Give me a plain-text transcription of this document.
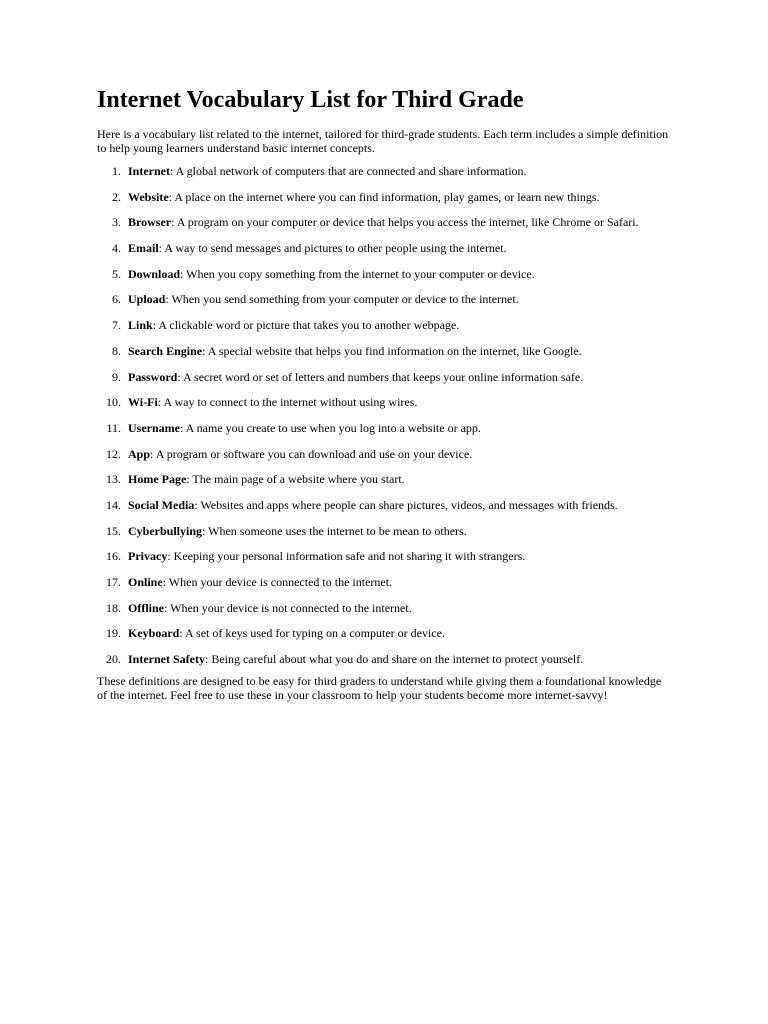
Internet Vocabulary List for Third Grade

Here is a vocabulary list related to the internet, tailored for third-grade students. Each term includes a simple definition to help young learners understand basic internet concepts.

1. Internet: A global network of computers that are connected and share information.
2. Website: A place on the internet where you can find information, play games, or learn new things.
3. Browser: A program on your computer or device that helps you access the internet, like Chrome or Safari.
4. Email: A way to send messages and pictures to other people using the internet.
5. Download: When you copy something from the internet to your computer or device.
6. Upload: When you send something from your computer or device to the internet.
7. Link: A clickable word or picture that takes you to another webpage.
8. Search Engine: A special website that helps you find information on the internet, like Google.
9. Password: A secret word or set of letters and numbers that keeps your online information safe.
10. Wi-Fi: A way to connect to the internet without using wires.
11. Username: A name you create to use when you log into a website or app.
12. App: A program or software you can download and use on your device.
13. Home Page: The main page of a website where you start.
14. Social Media: Websites and apps where people can share pictures, videos, and messages with friends.
15. Cyberbullying: When someone uses the internet to be mean to others.
16. Privacy: Keeping your personal information safe and not sharing it with strangers.
17. Online: When your device is connected to the internet.
18. Offline: When your device is not connected to the internet.
19. Keyboard: A set of keys used for typing on a computer or device.
20. Internet Safety: Being careful about what you do and share on the internet to protect yourself.

These definitions are designed to be easy for third graders to understand while giving them a foundational knowledge of the internet. Feel free to use these in your classroom to help your students become more internet-savvy!
